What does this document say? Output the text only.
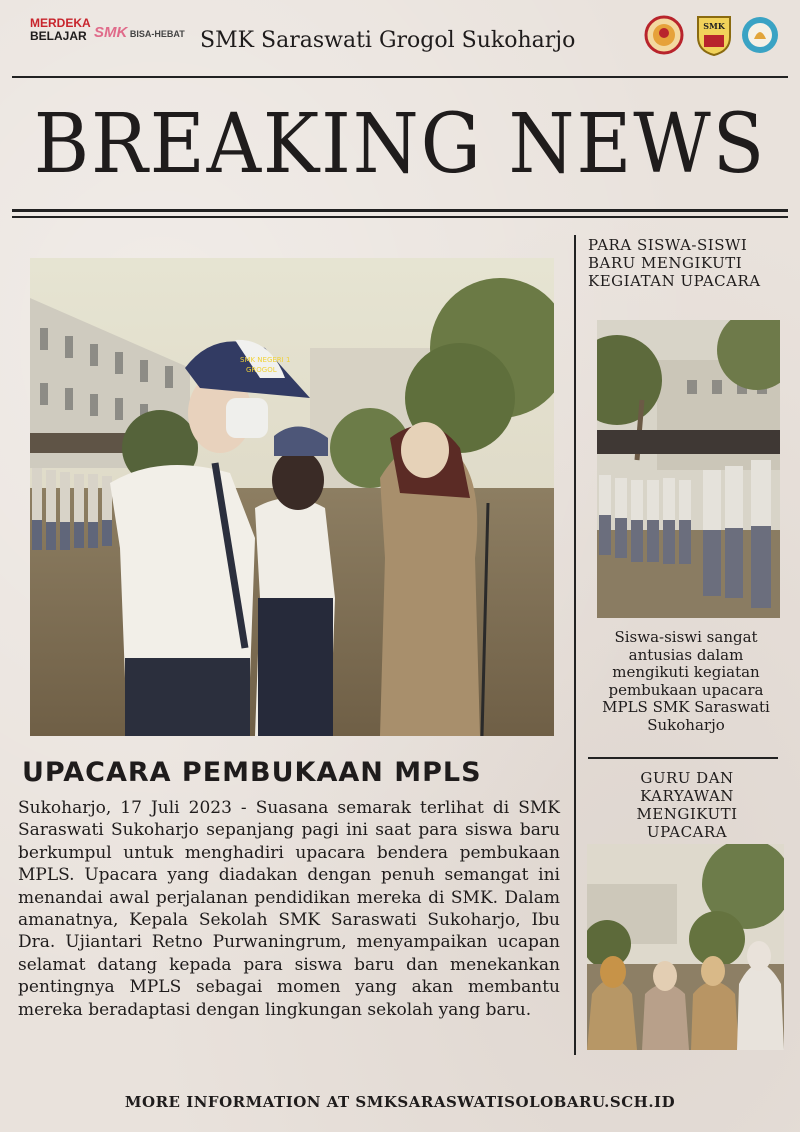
MERDEKA
BELAJAR SMK BISA-HEBAT SMK Saraswati Grogol Sukoharjo
SMK
BREAKING NEWS
SMK NEGERI 1
GROGOL
UPACARA PEMBUKAAN MPLS
Sukoharjo, 17 Juli 2023 - Suasana semarak terlihat di SMK Saraswati Sukoharjo sepanjang pagi ini saat para siswa baru berkumpul untuk menghadiri upacara bendera pembukaan MPLS. Upacara yang diadakan dengan penuh semangat ini menandai awal perjalanan pendidikan mereka di SMK. Dalam amanatnya, Kepala Sekolah SMK Saraswati Sukoharjo, Ibu Dra. Ujiantari Retno Purwaningrum, menyampaikan ucapan selamat datang kepada para siswa baru dan menekankan pentingnya MPLS sebagai momen yang akan membantu mereka beradaptasi dengan lingkungan sekolah yang baru.
PARA SISWA-SISWI BARU MENGIKUTI KEGIATAN UPACARA
Siswa-siswi sangat antusias dalam mengikuti kegiatan pembukaan upacara MPLS SMK Saraswati Sukoharjo
GURU DAN KARYAWAN MENGIKUTI UPACARA
MORE INFORMATION AT SMKSARASWATISOLOBARU.SCH.ID
